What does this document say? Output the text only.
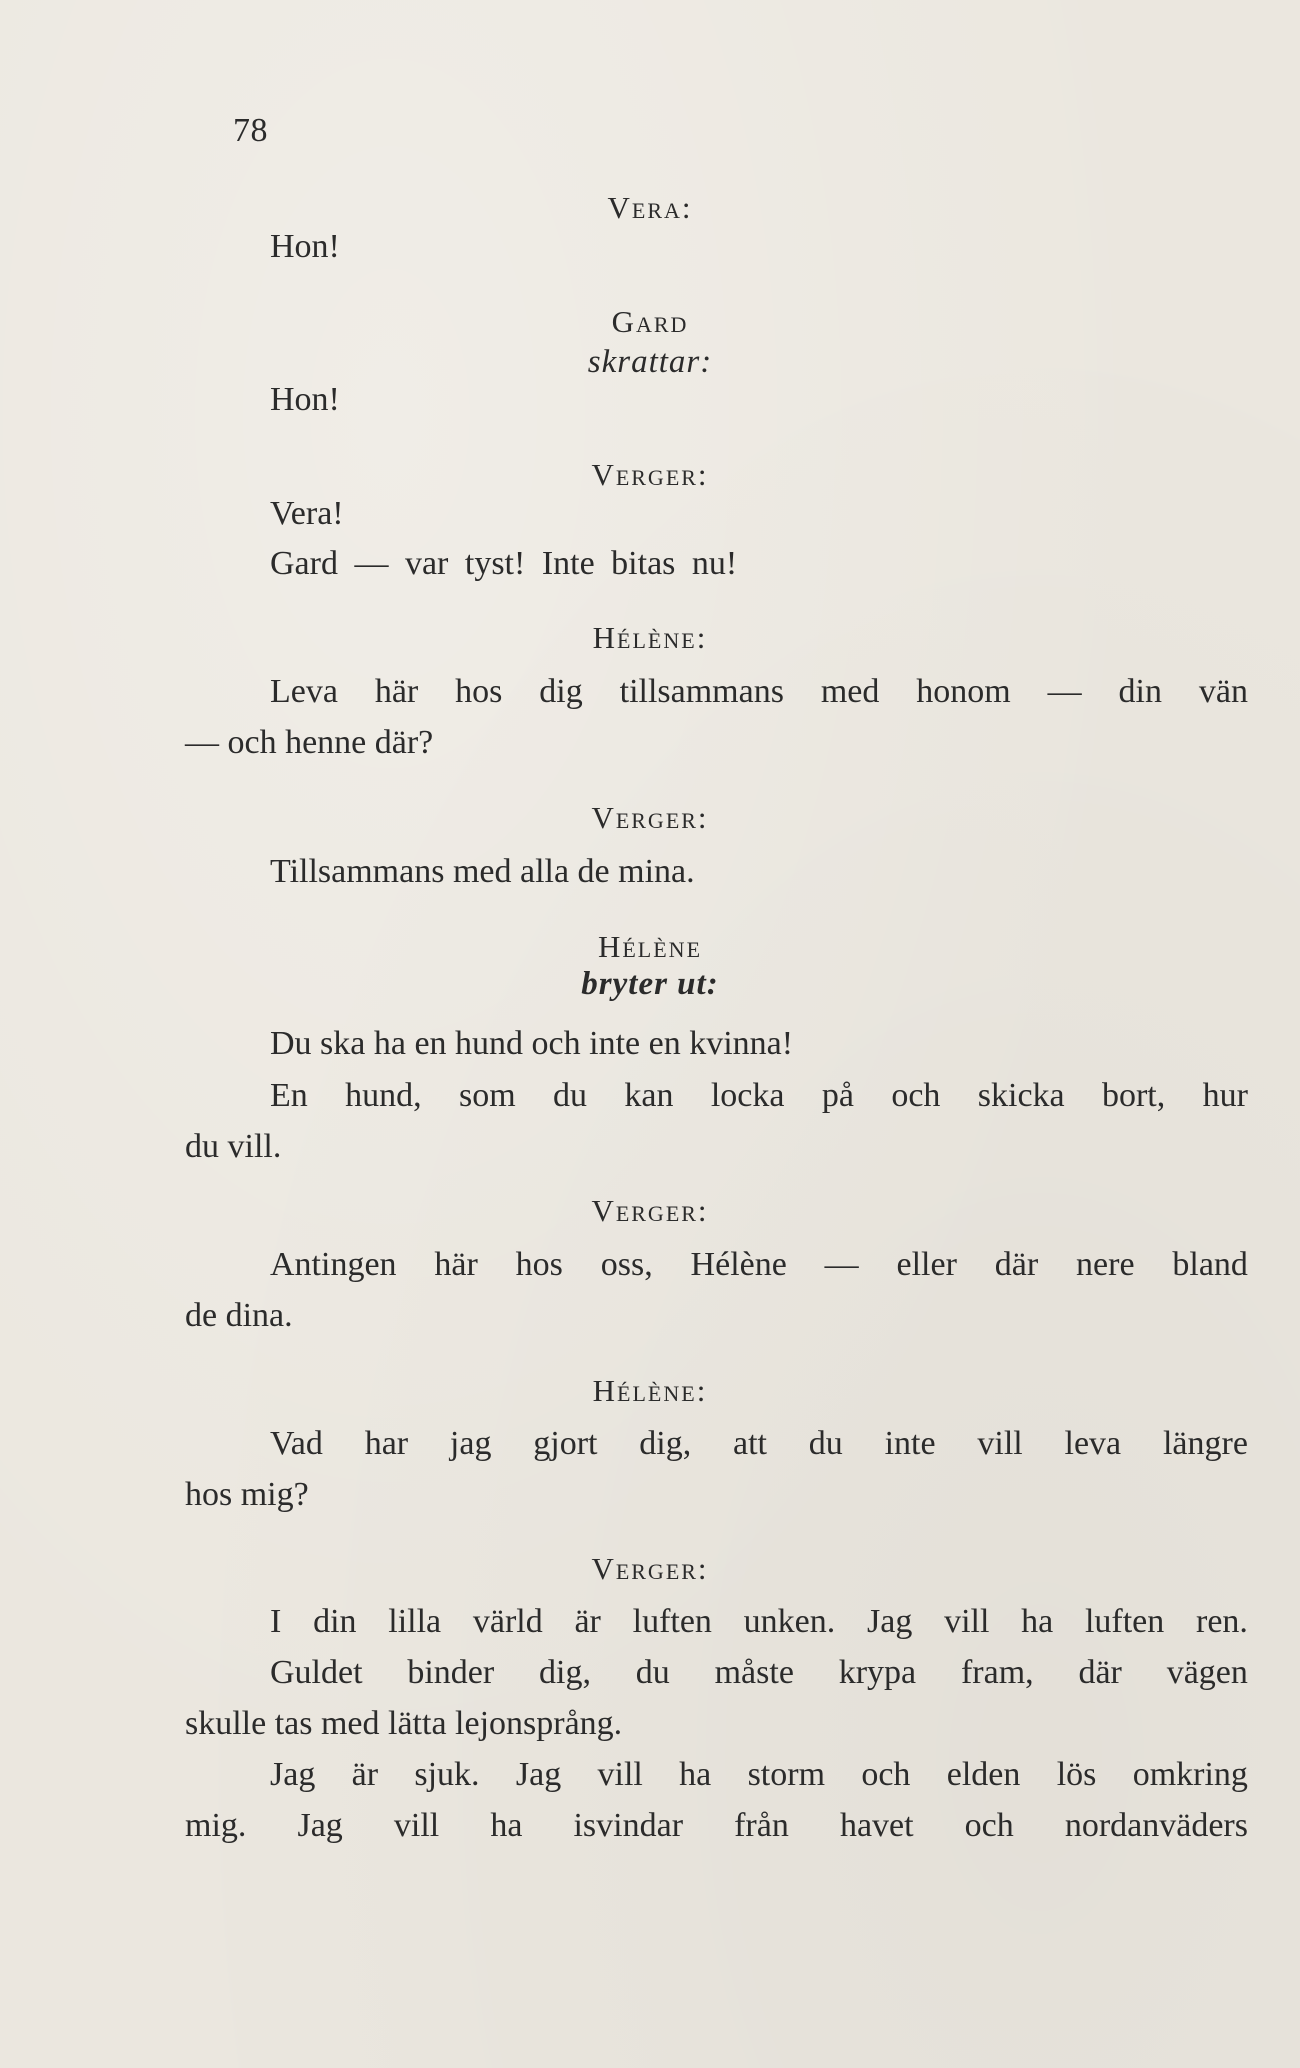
78
Vera:
Hon!
Gard
skrattar:
Hon!
Verger:
Vera!
Gard — var tyst! Inte bitas nu!
Hélène:
Leva här hos dig tillsammans med honom — din vän
— och henne där?
Verger:
Tillsammans med alla de mina.
Hélène
bryter ut:
Du ska ha en hund och inte en kvinna!
En hund, som du kan locka på och skicka bort, hur
du vill.
Verger:
Antingen här hos oss, Hélène — eller där nere bland
de dina.
Hélène:
Vad har jag gjort dig, att du inte vill leva längre
hos mig?
Verger:
I din lilla värld är luften unken. Jag vill ha luften ren.
Guldet binder dig, du måste krypa fram, där vägen
skulle tas med lätta lejonsprång.
Jag är sjuk. Jag vill ha storm och elden lös omkring
mig. Jag vill ha isvindar från havet och nordanväders
